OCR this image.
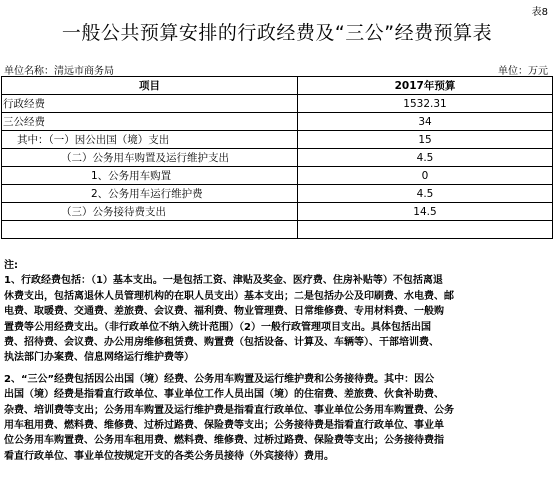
表8
一般公共预算安排的行政经费及“三公”经费预算表
单位名称：清远市商务局	单位：万元
项目	2017年预算
行政经费	1532.31
三公经费	34
其中：（一）因公出国（境）支出	15
（二）公务用车购置及运行维护支出	4.5
1、公务用车购置	0
2、公务用车运行维护费	4.5
（三）公务接待费支出	14.5

注:

1、行政经费包括：（1）基本支出。一是包括工资、津贴及奖金、医疗费、住房补贴等）不包括离退

休费支出，包括离退休人员管理机构的在职人员支出）基本支出；二是包括办公及印刷费、水电费、邮

电费、取暖费、交通费、差旅费、会议费、福利费、物业管理费、日常维修费、专用材料费、一般购

置费等公用经费支出。（非行政单位不纳入统计范围）（2）一般行政管理项目支出。具体包括出国

费、招待费、会议费、办公用房维修租赁费、购置费（包括设备、计算及、车辆等）、干部培训费、

执法部门办案费、信息网络运行维护费等）

2、“三公”经费包括因公出国（境）经费、公务用车购置及运行维护费和公务接待费。其中：因公

出国（境）经费是指看直行政单位、事业单位工作人员出国（境）的住宿费、差旅费、伙食补助费、

杂费、培训费等支出；公务用车购置及运行维护费是指看直行政单位、事业单位公务用车购置费、公务

用车租用费、燃料费、维修费、过桥过路费、保险费等支出；公务接待费是指看直行政单位、事业单

位公务用车购置费、公务用车租用费、燃料费、维修费、过桥过路费、保险费等支出；公务接待费指

看直行政单位、事业单位按规定开支的各类公务员接待（外宾接待）费用。
